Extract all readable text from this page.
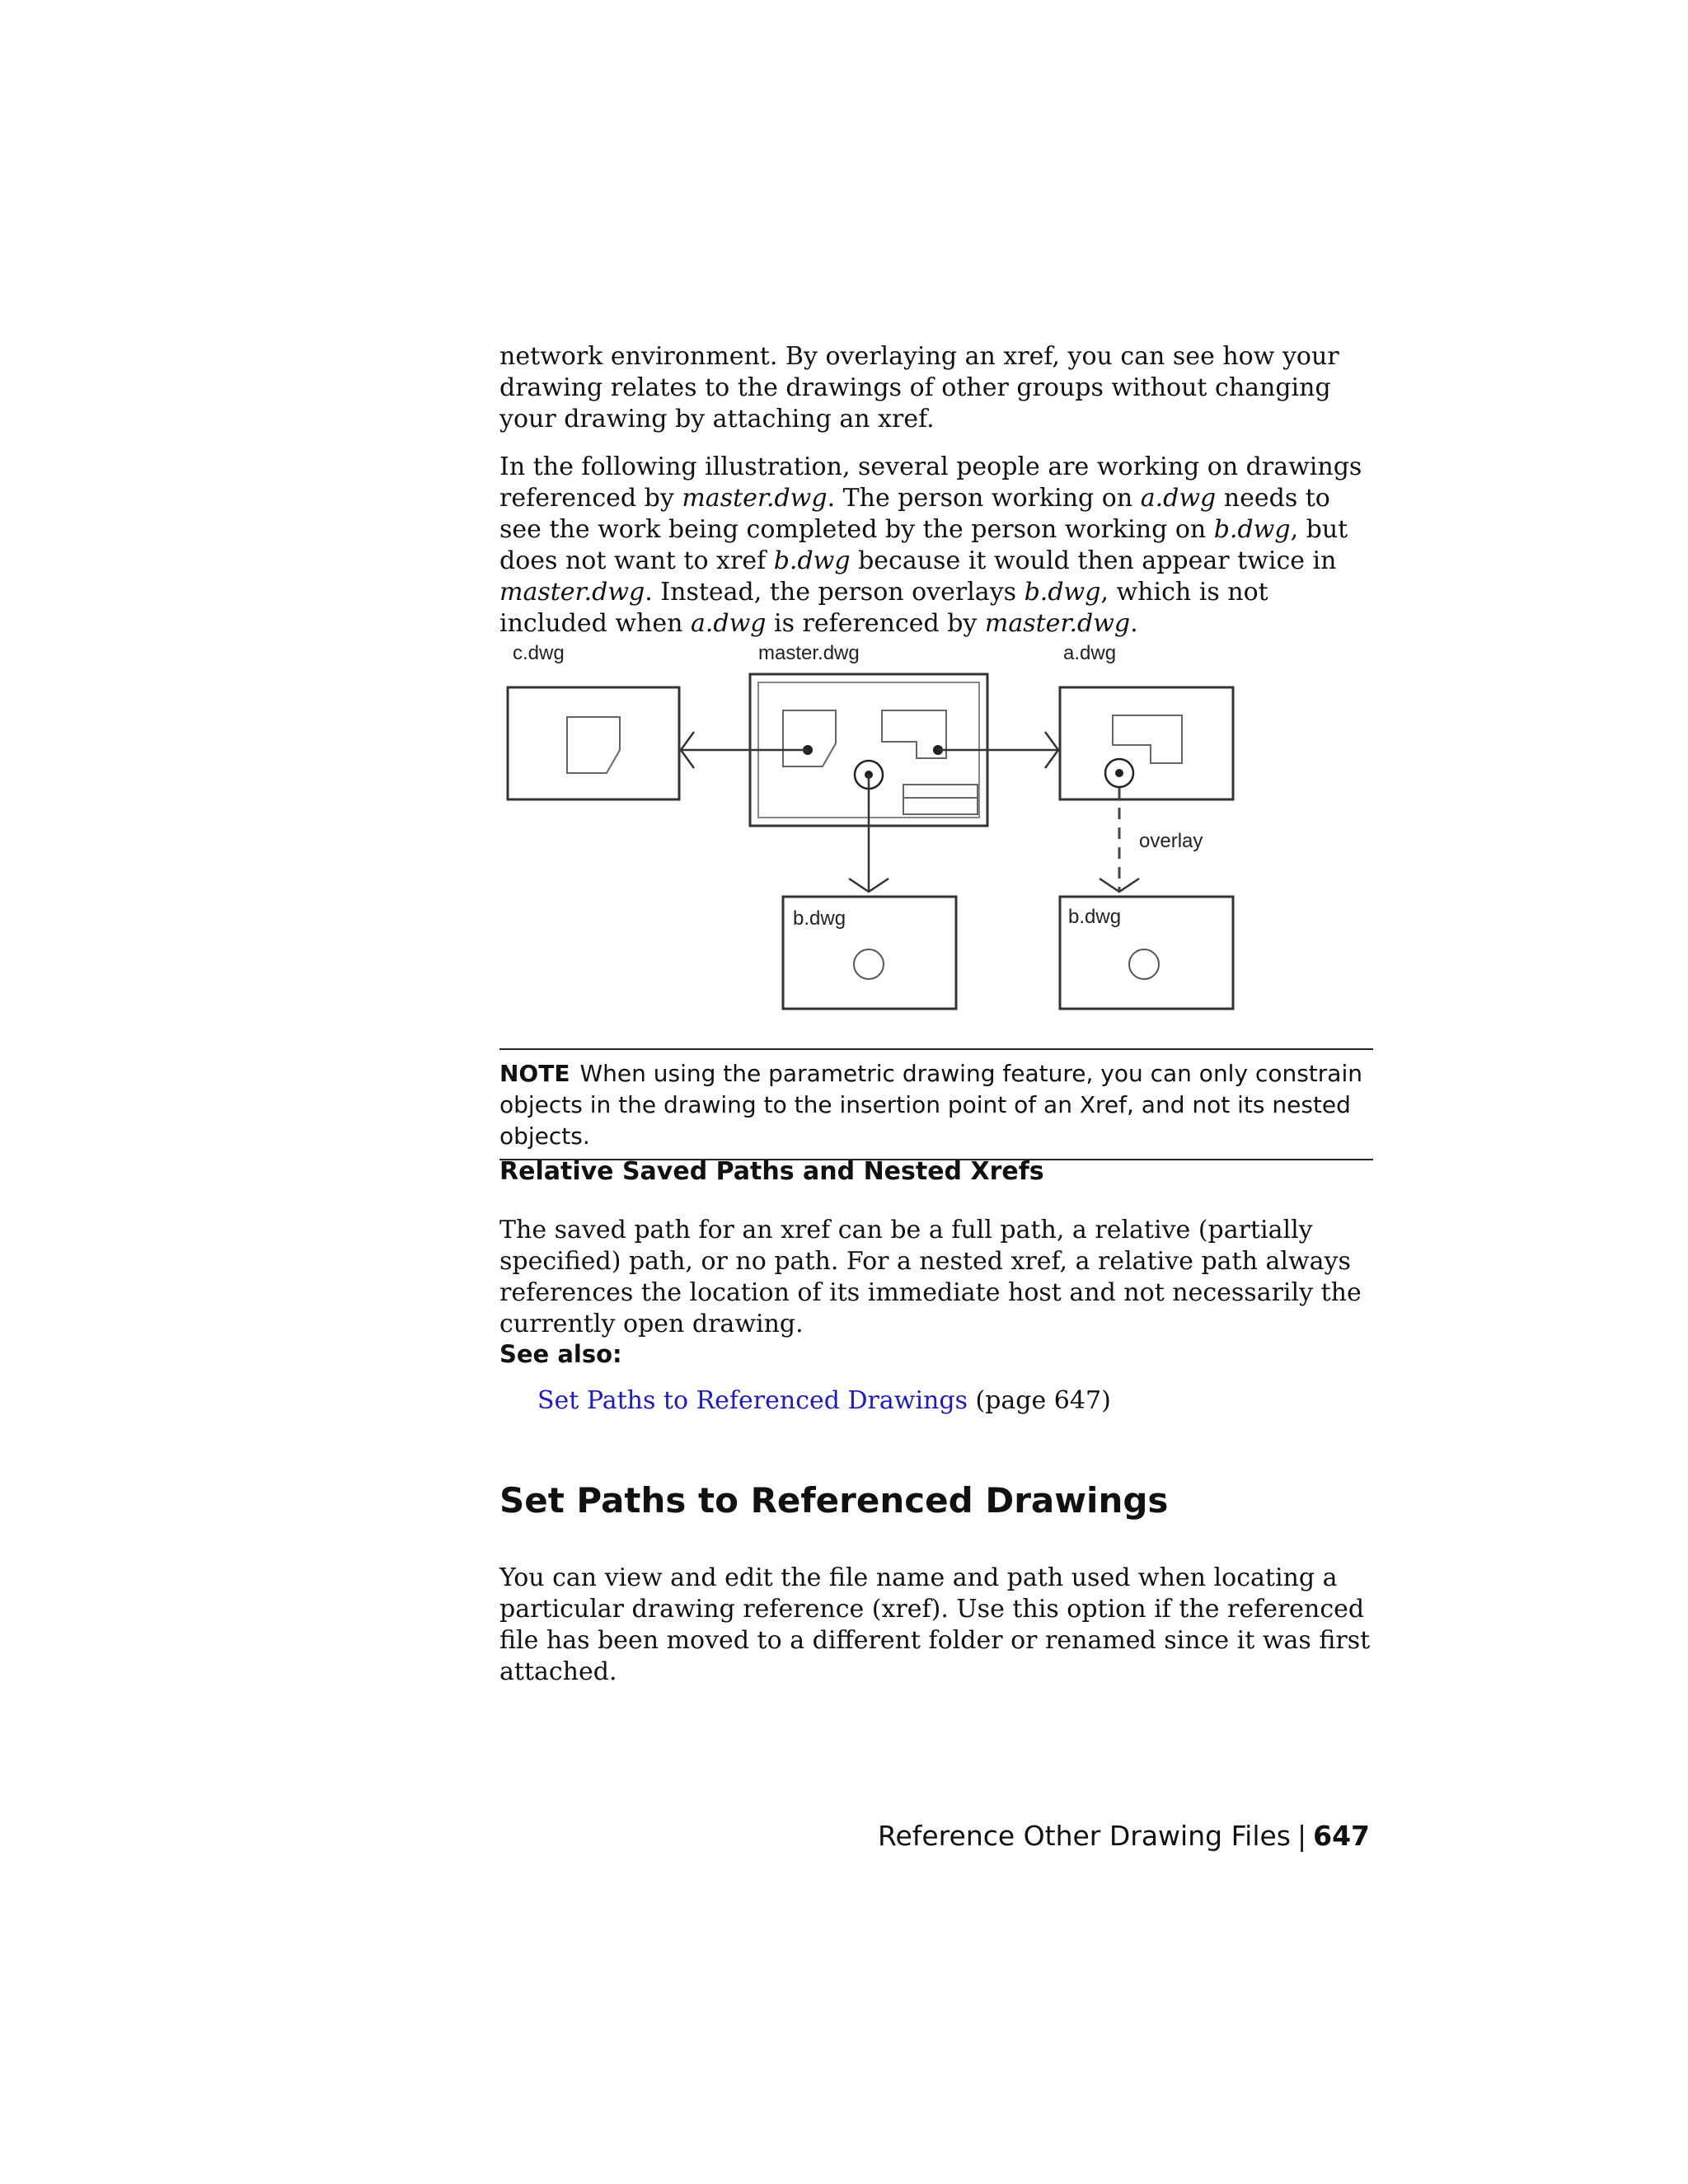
network environment. By overlaying an xref, you can see how your drawing relates to the drawings of other groups without changing your drawing by attaching an xref.

In the following illustration, several people are working on drawings referenced by master.dwg. The person working on a.dwg needs to see the work being completed by the person working on b.dwg, but does not want to xref b.dwg because it would then appear twice in master.dwg. Instead, the person overlays b.dwg, which is not included when a.dwg is referenced by master.dwg.

c.dwg	master.dwg	a.dwg
overlay
b.dwg	b.dwg
NOTE When using the parametric drawing feature, you can only constrain objects in the drawing to the insertion point of an Xref, and not its nested objects.
Relative Saved Paths and Nested Xrefs

The saved path for an xref can be a full path, a relative (partially specified) path, or no path. For a nested xref, a relative path always references the location of its immediate host and not necessarily the currently open drawing.

See also:

Set Paths to Referenced Drawings (page 647)

Set Paths to Referenced Drawings

You can view and edit the file name and path used when locating a particular drawing reference (xref). Use this option if the referenced file has been moved to a different folder or renamed since it was first attached.

Reference Other Drawing Files | 647
